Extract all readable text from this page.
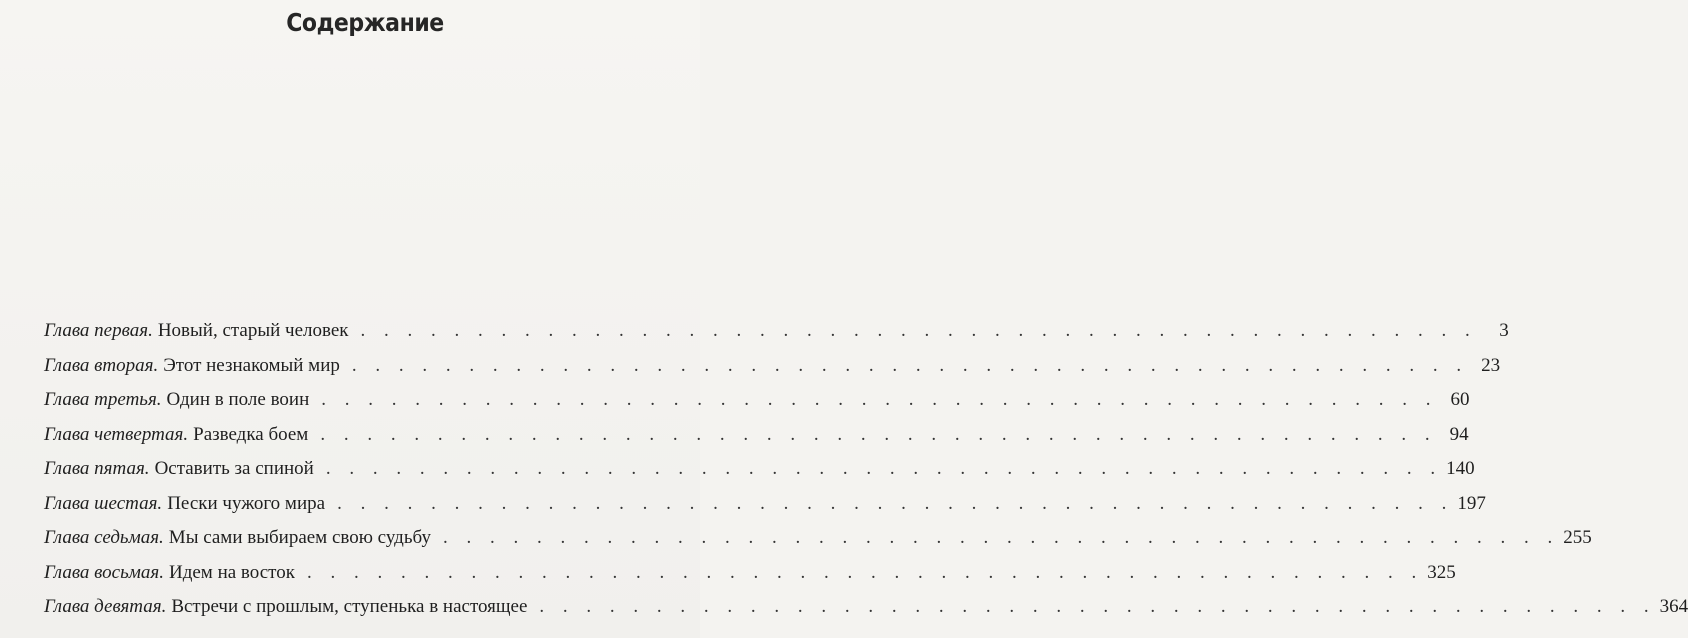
Содержание
Глава первая. Новый, старый человек . . . . . . . . . . . . . . . . . . . . . . . . . . . . . . . . . . . . . . . . . . . . . . . .	3
Глава вторая. Этот незнакомый мир . . . . . . . . . . . . . . . . . . . . . . . . . . . . . . . . . . . . . . . . . . . . . . . . 23
Глава третья. Один в поле воин . . . . . . . . . . . . . . . . . . . . . . . . . . . . . . . . . . . . . . . . . . . . . . . . 60
Глава четвертая. Разведка боем . . . . . . . . . . . . . . . . . . . . . . . . . . . . . . . . . . . . . . . . . . . . . . . . 94
Глава пятая. Оставить за спиной . . . . . . . . . . . . . . . . . . . . . . . . . . . . . . . . . . . . . . . . . . . . . . . . 140
Глава шестая. Пески чужого мира . . . . . . . . . . . . . . . . . . . . . . . . . . . . . . . . . . . . . . . . . . . . . . . . 197
Глава седьмая. Мы сами выбираем свою судьбу . . . . . . . . . . . . . . . . . . . . . . . . . . . . . . . . . . . . . . . . . . . . . . . . 255
Глава восьмая. Идем на восток . . . . . . . . . . . . . . . . . . . . . . . . . . . . . . . . . . . . . . . . . . . . . . . . 325
Глава девятая. Встречи с прошлым, ступенька в настоящее . . . . . . . . . . . . . . . . . . . . . . . . . . . . . . . . . . . . . . . . . . . . . . . . 364
